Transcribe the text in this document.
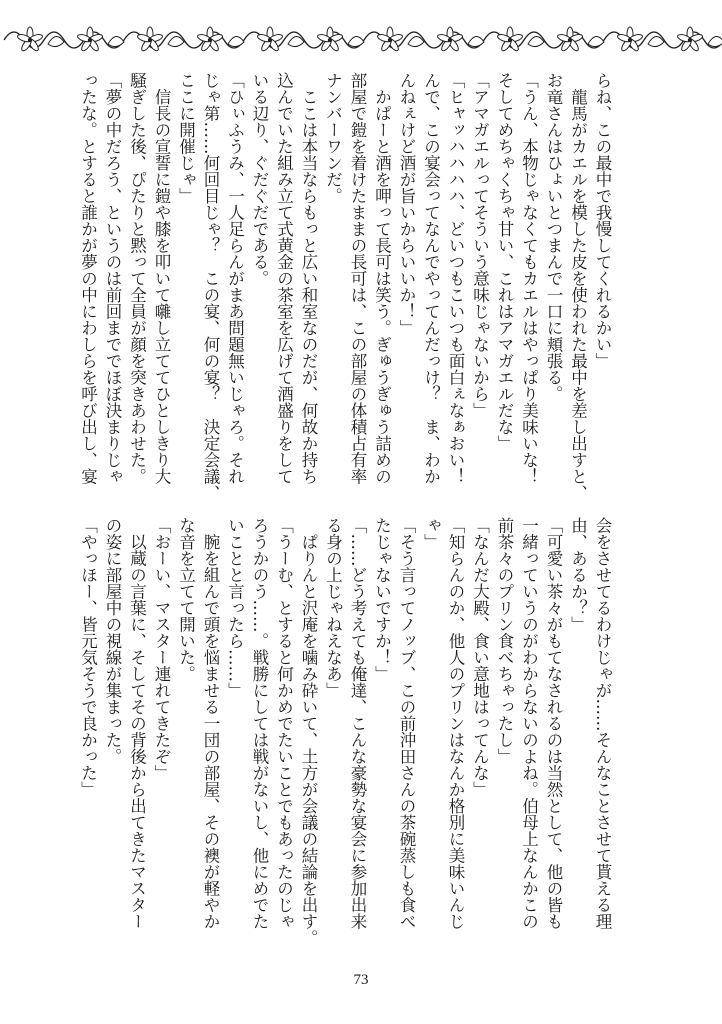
らね、この最中で我慢してくれるかい」
　龍馬がカエルを模した皮を使われた最中を差し出すと、
お竜さんはひょいとつまんで一口に頬張る。
「うん、本物じゃなくてもカエルはやっぱり美味いな！
そしてめちゃくちゃ甘い、これはアマガエルだな」
「アマガエルってそういう意味じゃないから」
「ヒャッハハハハ、どいつもこいつも面白ぇなぁおい！
んで、この宴会ってなんでやってんだっけ？　ま、わか
んねぇけど酒が旨いからいいか！」
　かぱーと酒を呷って長可は笑う。ぎゅうぎゅう詰めの
部屋で鎧を着けたままの長可は、この部屋の体積占有率
ナンバーワンだ。
　ここは本当ならもっと広い和室なのだが、何故か持ち
込んでいた組み立て式黄金の茶室を広げて酒盛りをして
いる辺り、ぐだぐだである。
「ひぃふうみ、一人足らんがまあ問題無いじゃろ。それ
じゃ第……何回目じゃ？　この宴、何の宴？　決定会議、
ここに開催じゃ」
　信長の宣誓に鎧や膝を叩いて囃し立ててひとしきり大
騒ぎした後、ぴたりと黙って全員が顔を突きあわせた。
「夢の中だろう、というのは前回まででほぼ決まりじゃ
ったな。とすると誰かが夢の中にわしらを呼び出し、宴
会をさせてるわけじゃが……そんなことさせて貰える理
由、あるか？」
「可愛い茶々がもてなされるのは当然として、他の皆も
一緒っていうのがわからないのよね。伯母上なんかこの
前茶々のプリン食べちゃったし」
「なんだ大殿、食い意地はってんな」
「知らんのか、他人のプリンはなんか格別に美味いんじ
ゃ」
「そう言ってノッブ、この前沖田さんの茶碗蒸しも食べ
たじゃないですか！」
「……どう考えても俺達、こんな豪勢な宴会に参加出来
る身の上じゃねえなあ」
　ぱりんと沢庵を噛み砕いて、土方が会議の結論を出す。
「うーむ、とすると何かめでたいことでもあったのじゃ
ろうかのう……。戦勝にしては戦がないし、他にめでた
いことと言ったら……」
　腕を組んで頭を悩ませる一団の部屋、その襖が軽やか
な音を立てて開いた。
「おーい、マスター連れてきたぞ」
　以蔵の言葉に、そしてその背後から出てきたマスター
の姿に部屋中の視線が集まった。
「やっほー、皆元気そうで良かった」
73
